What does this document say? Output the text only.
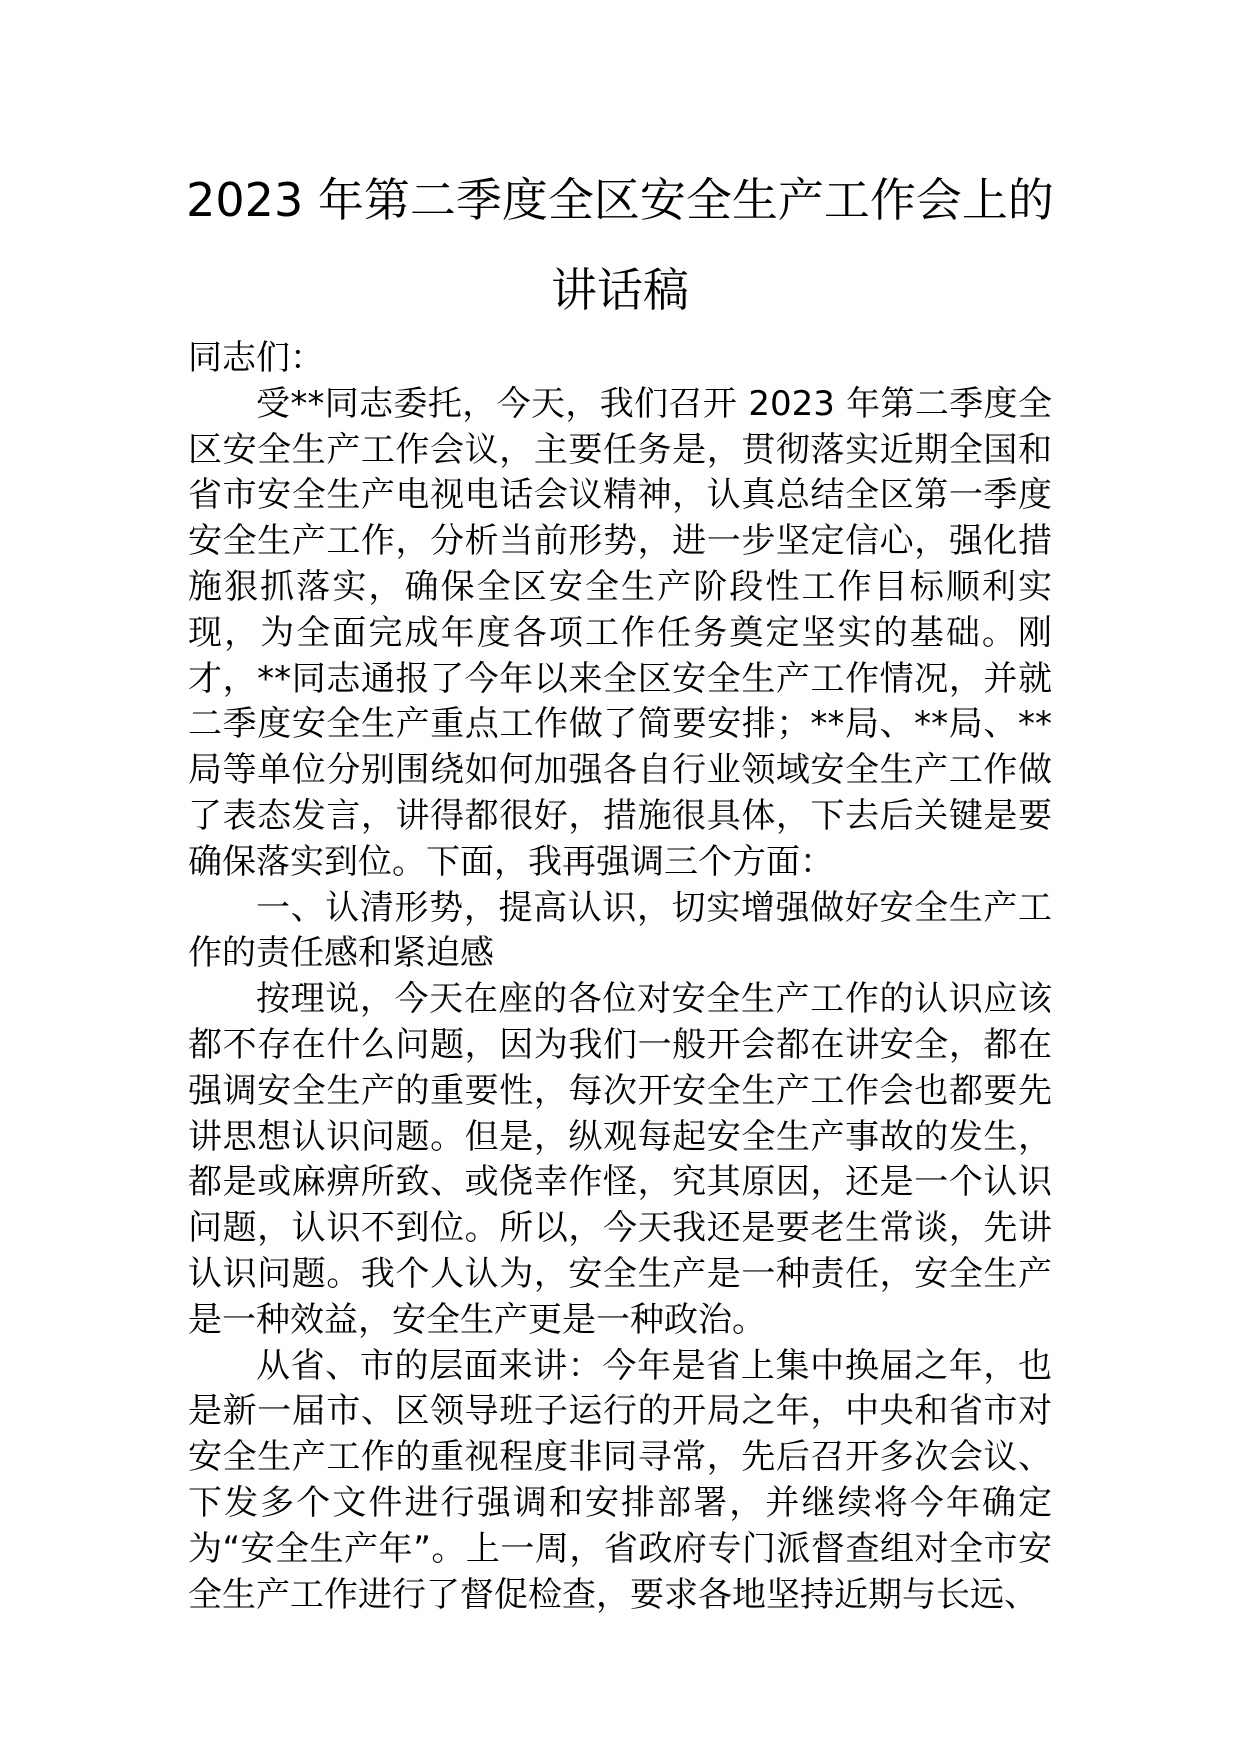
2023 年第二季度全区安全生产工作会上的
讲话稿

同志们：

受**同志委托，今天，我们召开 2023 年第二季度全区安全生产工作会议，主要任务是，贯彻落实近期全国和省市安全生产电视电话会议精神，认真总结全区第一季度安全生产工作，分析当前形势，进一步坚定信心，强化措施狠抓落实，确保全区安全生产阶段性工作目标顺利实现，为全面完成年度各项工作任务奠定坚实的基础。刚才，**同志通报了今年以来全区安全生产工作情况，并就二季度安全生产重点工作做了简要安排；**局、**局、**局等单位分别围绕如何加强各自行业领域安全生产工作做了表态发言，讲得都很好，措施很具体，下去后关键是要确保落实到位。下面，我再强调三个方面：

一、认清形势，提高认识，切实增强做好安全生产工作的责任感和紧迫感

按理说，今天在座的各位对安全生产工作的认识应该都不存在什么问题，因为我们一般开会都在讲安全，都在强调安全生产的重要性，每次开安全生产工作会也都要先讲思想认识问题。但是，纵观每起安全生产事故的发生，都是或麻痹所致、或侥幸作怪，究其原因，还是一个认识问题，认识不到位。所以，今天我还是要老生常谈，先讲认识问题。我个人认为，安全生产是一种责任，安全生产是一种效益，安全生产更是一种政治。

从省、市的层面来讲：今年是省上集中换届之年，也是新一届市、区领导班子运行的开局之年，中央和省市对安全生产工作的重视程度非同寻常，先后召开多次会议、下发多个文件进行强调和安排部署，并继续将今年确定为“安全生产年”。上一周，省政府专门派督查组对全市安全生产工作进行了督促检查，要求各地坚持近期与长远、
